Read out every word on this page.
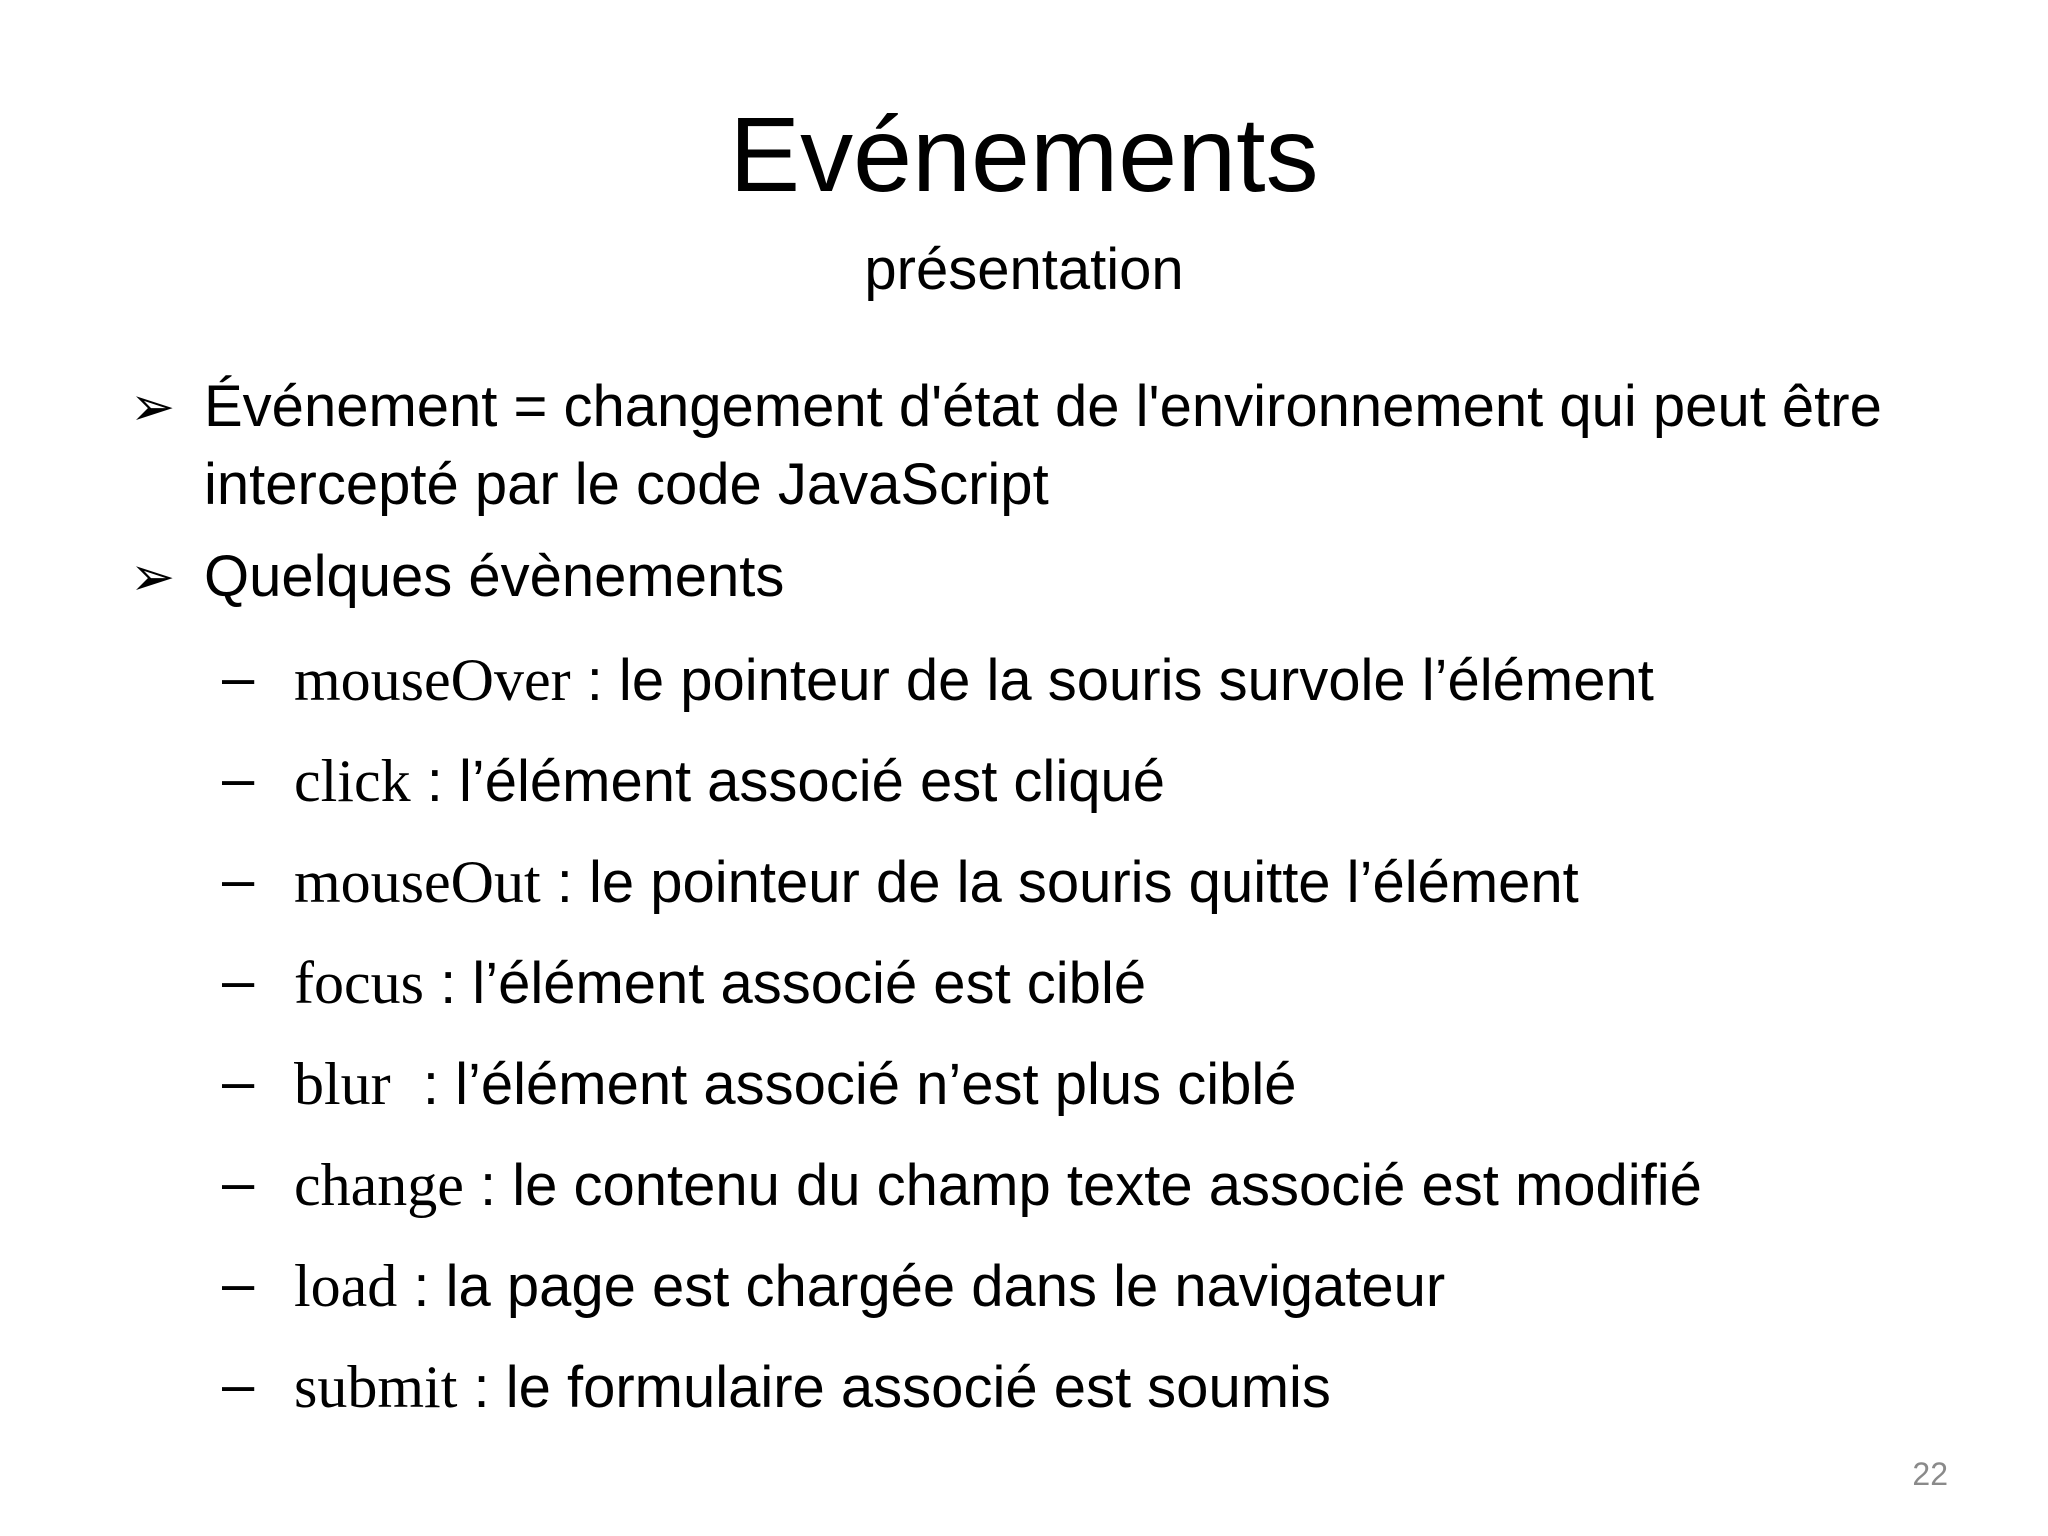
Evénements
présentation
➢ Événement = changement d'état de l'environnement qui peut être intercepté par le code JavaScript
➢ Quelques évènements
– mouseOver : le pointeur de la souris survole l’élément
– click : l’élément associé est cliqué
– mouseOut : le pointeur de la souris quitte l’élément
– focus : l’élément associé est ciblé
– blur  : l’élément associé n’est plus ciblé
– change : le contenu du champ texte associé est modifié
– load : la page est chargée dans le navigateur
– submit : le formulaire associé est soumis
22
